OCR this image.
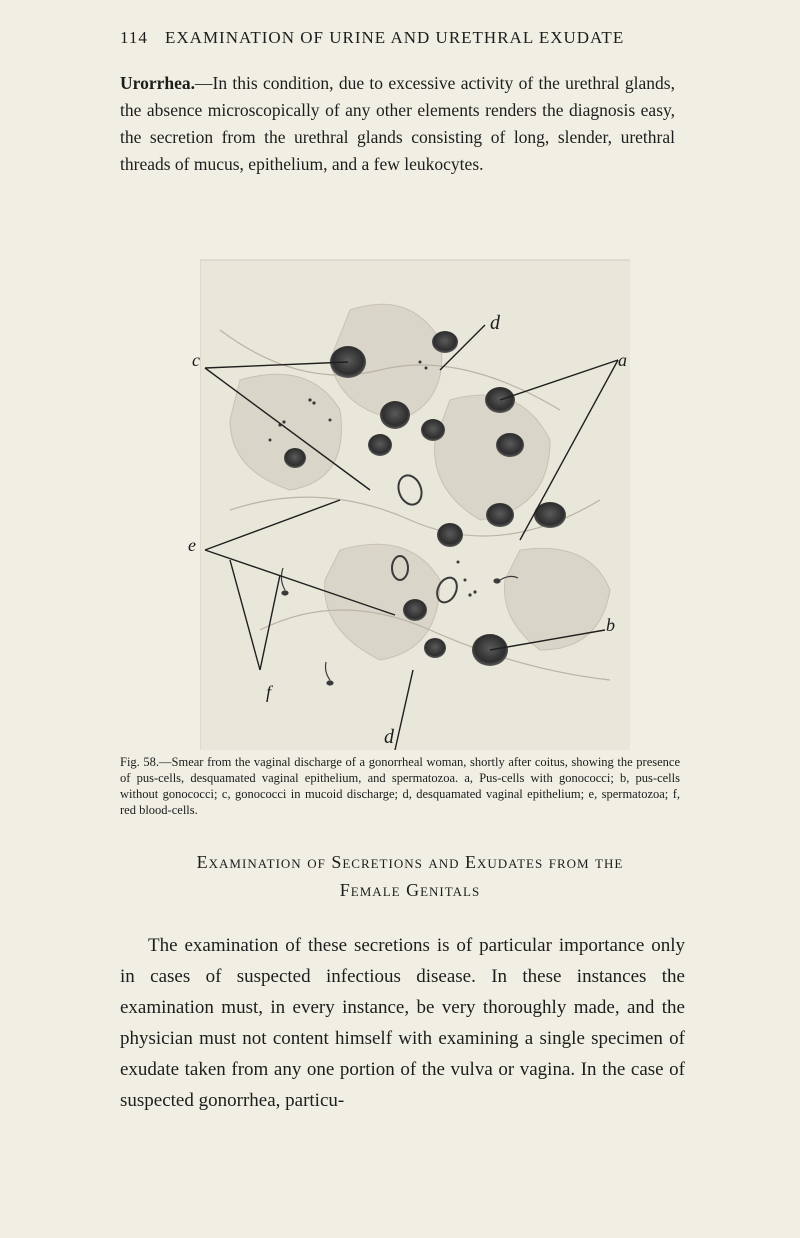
114 EXAMINATION OF URINE AND URETHRAL EXUDATE
Urorrhea.—In this condition, due to excessive activity of the urethral glands, the absence microscopically of any other elements renders the diagnosis easy, the secretion from the urethral glands consisting of long, slender, urethral threads of mucus, epithelium, and a few leukocytes.
c
d
a
e
b
f
d
Fig. 58.—Smear from the vaginal discharge of a gonorrheal woman, shortly after coitus, showing the presence of pus-cells, desquamated vaginal epithelium, and spermatozoa. a, Pus-cells with gonococci; b, pus-cells without gonococci; c, gonococci in mucoid discharge; d, desquamated vaginal epithelium; e, spermatozoa; f, red blood-cells.
Examination of Secretions and Exudates from the
Female Genitals
The examination of these secretions is of particular importance only in cases of suspected infectious disease. In these instances the examination must, in every instance, be very thoroughly made, and the physician must not content himself with examining a single specimen of exudate taken from any one portion of the vulva or vagina. In the case of suspected gonorrhea, particu-
